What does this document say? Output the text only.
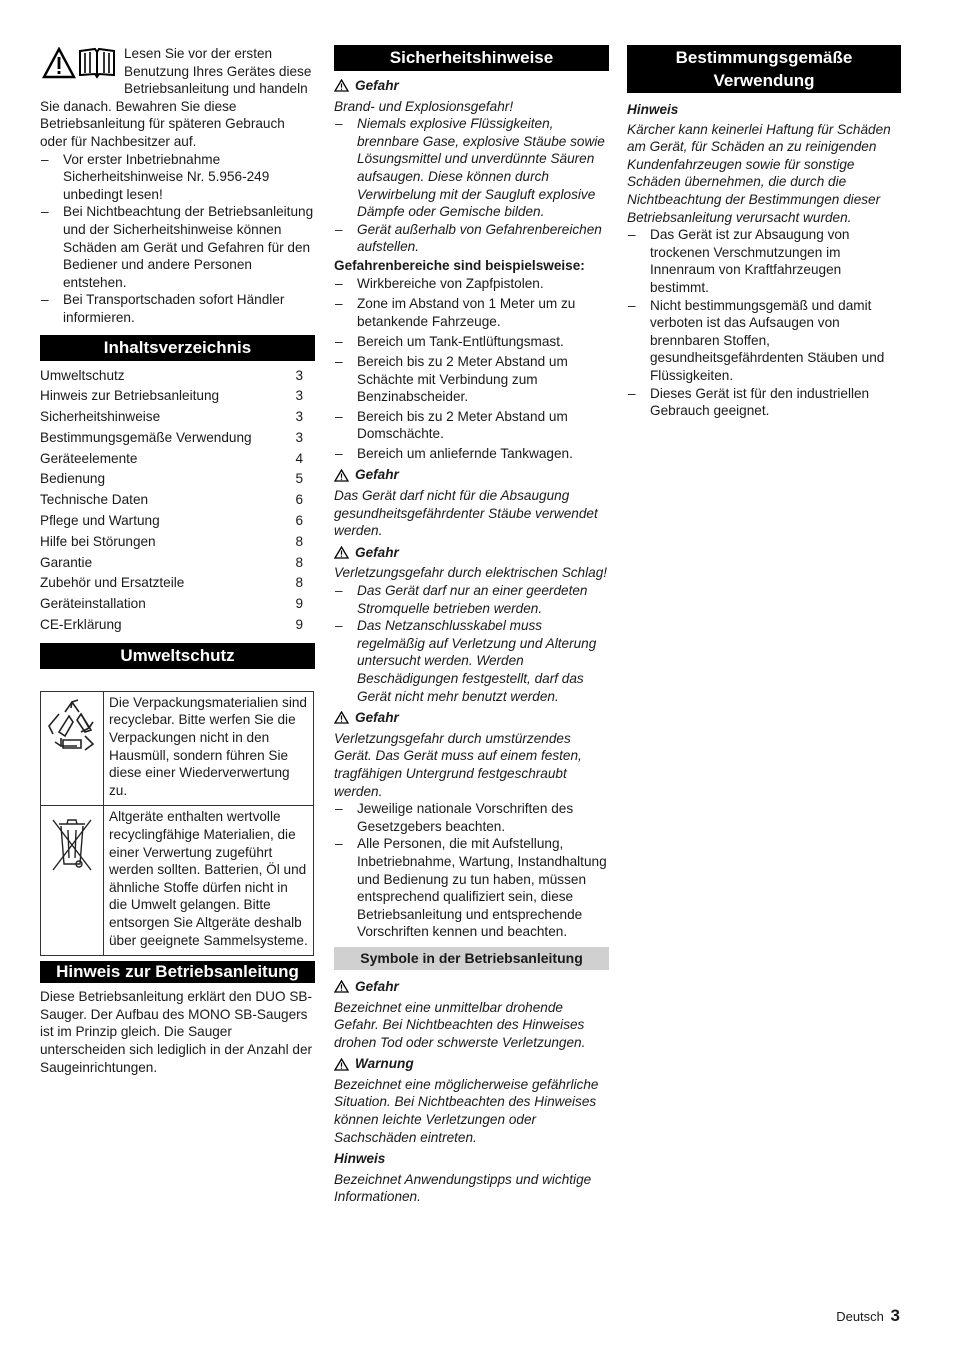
Lesen Sie vor der ersten Benutzung Ihres Gerätes diese Betriebsanleitung und handeln Sie danach. Bewahren Sie diese Betriebsanleitung für späteren Gebrauch oder für Nachbesitzer auf.

– Vor erster Inbetriebnahme Sicherheitshinweise Nr. 5.956-249 unbedingt lesen!
– Bei Nichtbeachtung der Betriebsanleitung und der Sicherheitshinweise können Schäden am Gerät und Gefahren für den Bediener und andere Personen entstehen.
– Bei Transportschaden sofort Händler informieren.
Inhaltsverzeichnis
Umweltschutz	3
Hinweis zur Betriebsanleitung	3
Sicherheitshinweise	3
Bestimmungsgemäße Verwendung	3
Geräteelemente	4
Bedienung	5
Technische Daten	6
Pflege und Wartung	6
Hilfe bei Störungen	8
Garantie	8
Zubehör und Ersatzteile	8
Geräteinstallation	9
CE-Erklärung	9
Umweltschutz
	Die Verpackungsmaterialien sind recyclebar. Bitte werfen Sie die Verpackungen nicht in den Hausmüll, sondern führen Sie diese einer Wiederverwertung zu.
	Altgeräte enthalten wertvolle recyclingfähige Materialien, die einer Verwertung zugeführt werden sollten. Batterien, Öl und ähnliche Stoffe dürfen nicht in die Umwelt gelangen. Bitte entsorgen Sie Altgeräte deshalb über geeignete Sammelsysteme.
Hinweis zur Betriebsanleitung

Diese Betriebsanleitung erklärt den DUO SB-Sauger. Der Aufbau des MONO SB-Saugers ist im Prinzip gleich. Die Sauger unterscheiden sich lediglich in der Anzahl der Saugeinrichtungen.

Sicherheitshinweise
Gefahr

Brand- und Explosionsgefahr!

– Niemals explosive Flüssigkeiten, brennbare Gase, explosive Stäube sowie Lösungsmittel und unverdünnte Säuren aufsaugen. Diese können durch Verwirbelung mit der Saugluft explosive Dämpfe oder Gemische bilden.
– Gerät außerhalb von Gefahrenbereichen aufstellen.

Gefahrenbereiche sind beispielsweise:

– Wirkbereiche von Zapfpistolen.
– Zone im Abstand von 1 Meter um zu betankende Fahrzeuge.
– Bereich um Tank-Entlüftungsmast.
– Bereich bis zu 2 Meter Abstand um Schächte mit Verbindung zum Benzinabscheider.
– Bereich bis zu 2 Meter Abstand um Domschächte.
– Bereich um anliefernde Tankwagen.
Gefahr

Das Gerät darf nicht für die Absaugung gesundheitsgefährdenter Stäube verwendet werden.

Gefahr

Verletzungsgefahr durch elektrischen Schlag!

– Das Gerät darf nur an einer geerdeten Stromquelle betrieben werden.
– Das Netzanschlusskabel muss regelmäßig auf Verletzung und Alterung untersucht werden. Werden Beschädigungen festgestellt, darf das Gerät nicht mehr benutzt werden.
Gefahr

Verletzungsgefahr durch umstürzendes Gerät. Das Gerät muss auf einem festen, tragfähigen Untergrund festgeschraubt werden.

– Jeweilige nationale Vorschriften des Gesetzgebers beachten.
– Alle Personen, die mit Aufstellung, Inbetriebnahme, Wartung, Instandhaltung und Bedienung zu tun haben, müssen entsprechend qualifiziert sein, diese Betriebsanleitung und entsprechende Vorschriften kennen und beachten.
Symbole in der Betriebsanleitung
Gefahr

Bezeichnet eine unmittelbar drohende Gefahr. Bei Nichtbeachten des Hinweises drohen Tod oder schwerste Verletzungen.

Warnung

Bezeichnet eine möglicherweise gefährliche Situation. Bei Nichtbeachten des Hinweises können leichte Verletzungen oder Sachschäden eintreten.

Hinweis

Bezeichnet Anwendungstipps und wichtige Informationen.

Bestimmungsgemäße Verwendung

Hinweis

Kärcher kann keinerlei Haftung für Schäden am Gerät, für Schäden an zu reinigenden Kundenfahrzeugen sowie für sonstige Schäden übernehmen, die durch die Nichtbeachtung der Bestimmungen dieser Betriebsanleitung verursacht wurden.

– Das Gerät ist zur Absaugung von trockenen Verschmutzungen im Innenraum von Kraftfahrzeugen bestimmt.
– Nicht bestimmungsgemäß und damit verboten ist das Aufsaugen von brennbaren Stoffen, gesundheitsgefährdenten Stäuben und Flüssigkeiten.
– Dieses Gerät ist für den industriellen Gebrauch geeignet.
Deutsch 3
